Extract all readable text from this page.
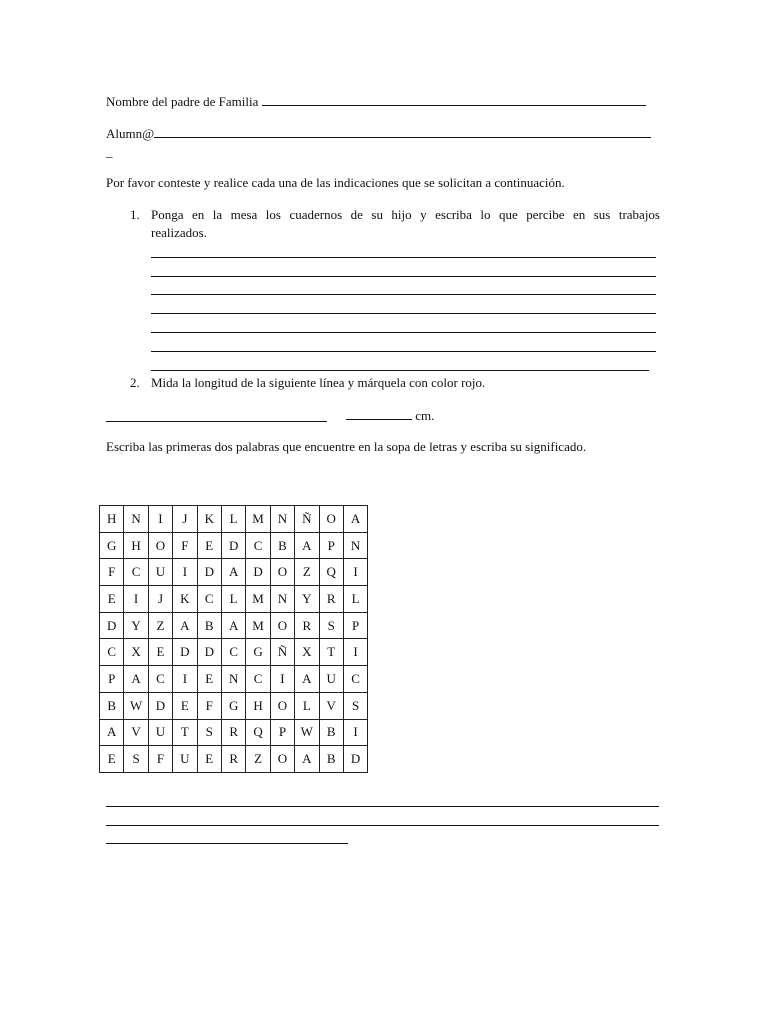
Nombre del padre de Familia
Alumn@
_
Por favor conteste y realice cada una de las indicaciones que se solicitan a continuación.
1. Ponga en la mesa los cuadernos de su hijo y escriba lo que percibe en sus trabajos
realizados.
2. Mida la longitud de la siguiente línea y márquela con color rojo.
cm.
Escriba las primeras dos palabras que encuentre en la sopa de letras y escriba su significado.
H	N	I	J	K	L	M	N	Ñ	O	A
G	H	O	F	E	D	C	B	A	P	N
F	C	U	I	D	A	D	O	Z	Q	I
E	I	J	K	C	L	M	N	Y	R	L
D	Y	Z	A	B	A	M	O	R	S	P
C	X	E	D	D	C	G	Ñ	X	T	I
P	A	C	I	E	N	C	I	A	U	C
B	W	D	E	F	G	H	O	L	V	S
A	V	U	T	S	R	Q	P	W	B	I
E	S	F	U	E	R	Z	O	A	B	D
